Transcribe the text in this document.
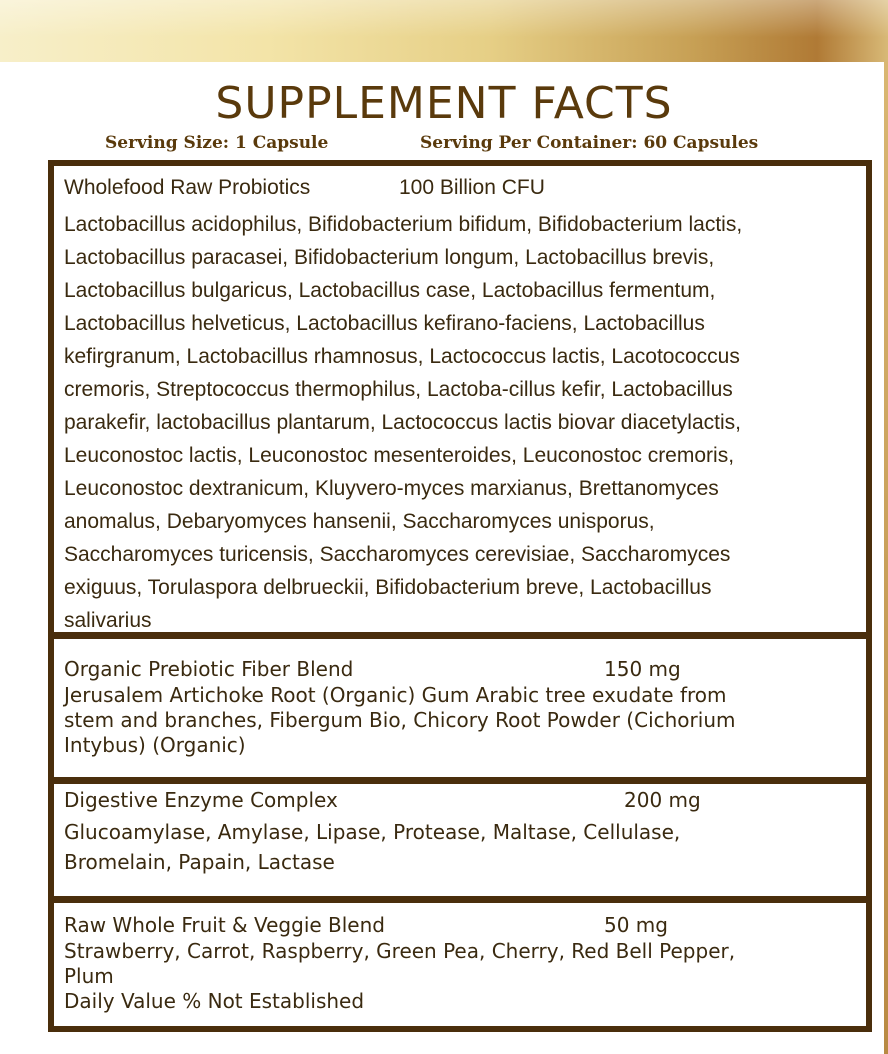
SUPPLEMENT FACTS
Serving Size: 1 Capsule	Serving Per Container: 60 Capsules
Wholefood Raw Probiotics	100 Billion CFU
Lactobacillus acidophilus, Bifidobacterium bifidum, Bifidobacterium lactis,
Lactobacillus paracasei, Bifidobacterium longum, Lactobacillus brevis,
Lactobacillus bulgaricus, Lactobacillus case, Lactobacillus fermentum,
Lactobacillus helveticus, Lactobacillus kefirano-faciens, Lactobacillus
kefirgranum, Lactobacillus rhamnosus, Lactococcus lactis, Lacotococcus
cremoris, Streptococcus thermophilus, Lactoba-cillus kefir, Lactobacillus
parakefir, lactobacillus plantarum, Lactococcus lactis biovar diacetylactis,
Leuconostoc lactis, Leuconostoc mesenteroides, Leuconostoc cremoris,
Leuconostoc dextranicum, Kluyvero-myces marxianus, Brettanomyces
anomalus, Debaryomyces hansenii, Saccharomyces unisporus,
Saccharomyces turicensis, Saccharomyces cerevisiae, Saccharomyces
exiguus, Torulaspora delbrueckii, Bifidobacterium breve, Lactobacillus
salivarius
Organic Prebiotic Fiber Blend	150 mg
Jerusalem Artichoke Root (Organic) Gum Arabic tree exudate from
stem and branches, Fibergum Bio, Chicory Root Powder (Cichorium
Intybus) (Organic)
Digestive Enzyme Complex	200 mg
Glucoamylase, Amylase, Lipase, Protease, Maltase, Cellulase,
Bromelain, Papain, Lactase
Raw Whole Fruit & Veggie Blend	50 mg
Strawberry, Carrot, Raspberry, Green Pea, Cherry, Red Bell Pepper,
Plum
Daily Value % Not Established
